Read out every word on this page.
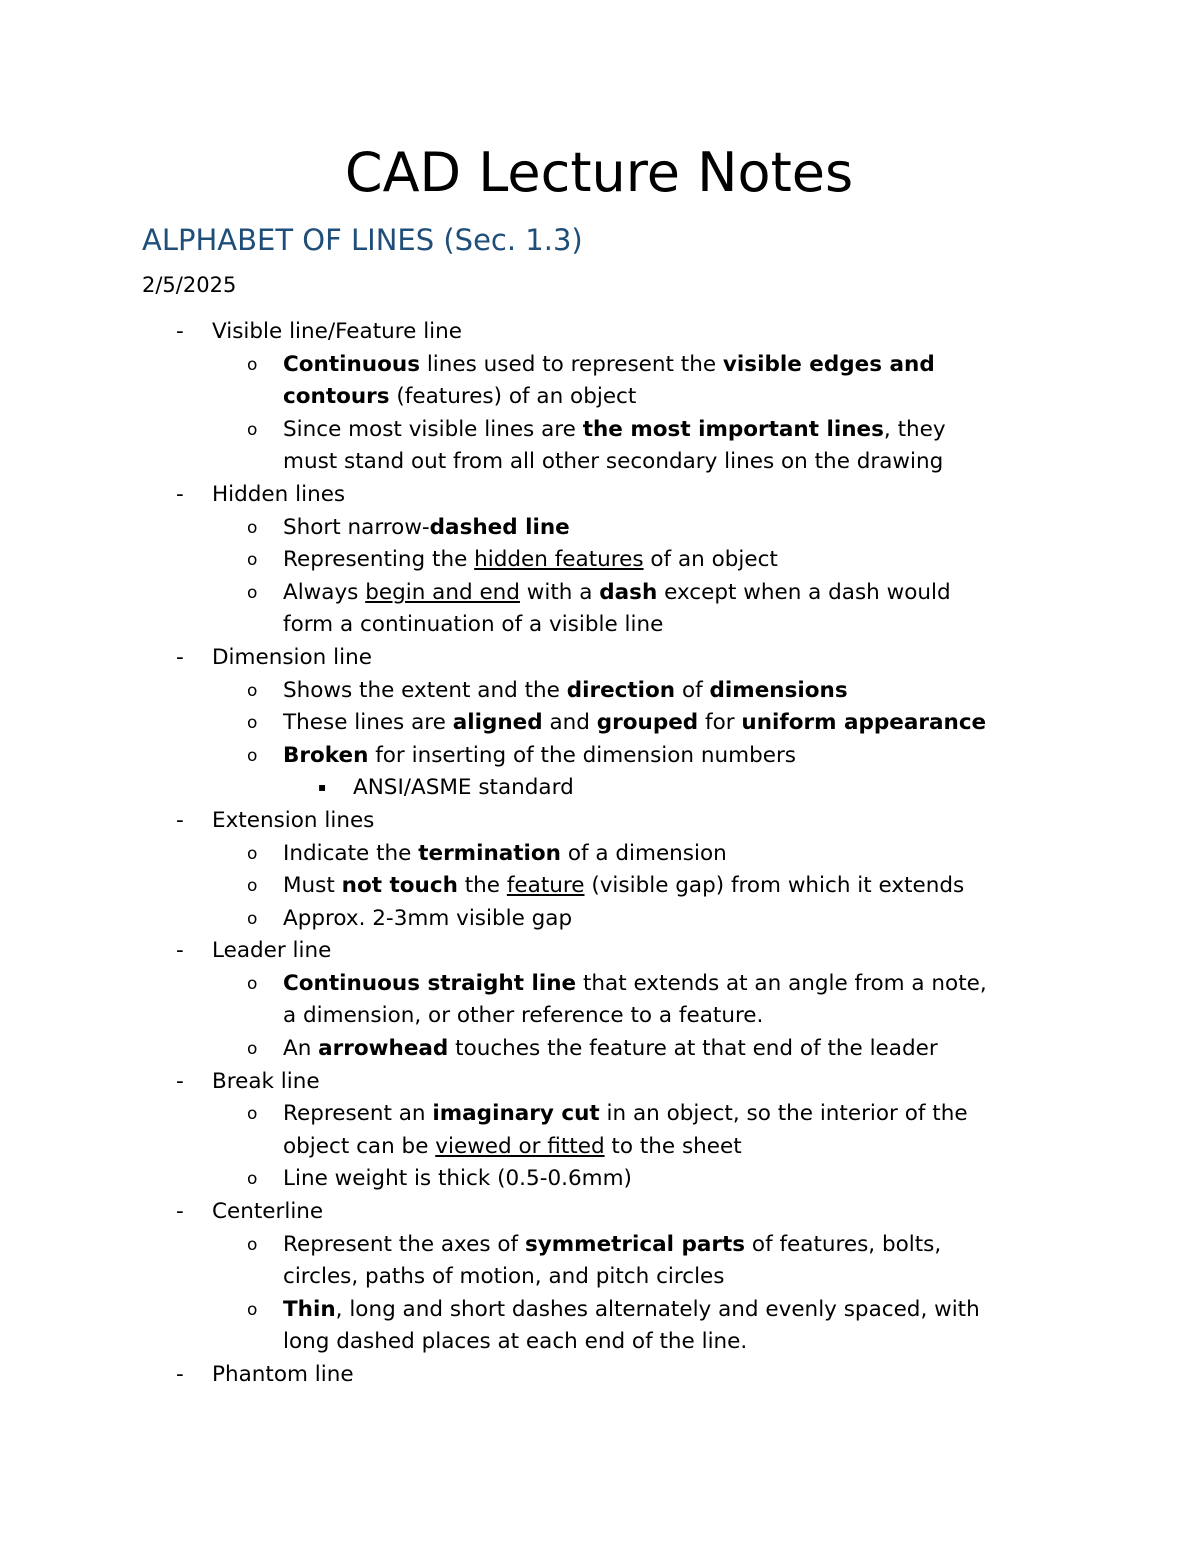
CAD Lecture Notes
ALPHABET OF LINES (Sec. 1.3)

2/5/2025

- Visible line/Feature line
o Continuous lines used to represent the visible edges and
contours (features) of an object
o Since most visible lines are the most important lines, they
must stand out from all other secondary lines on the drawing
- Hidden lines
o Short narrow-dashed line
o Representing the hidden features of an object
o Always begin and end with a dash except when a dash would
form a continuation of a visible line
- Dimension line
o Shows the extent and the direction of dimensions
o These lines are aligned and grouped for uniform appearance
o Broken for inserting of the dimension numbers
▪ ANSI/ASME standard
- Extension lines
o Indicate the termination of a dimension
o Must not touch the feature (visible gap) from which it extends
o Approx. 2-3mm visible gap
- Leader line
o Continuous straight line that extends at an angle from a note,
a dimension, or other reference to a feature.
o An arrowhead touches the feature at that end of the leader
- Break line
o Represent an imaginary cut in an object, so the interior of the
object can be viewed or fitted to the sheet
o Line weight is thick (0.5-0.6mm)
- Centerline
o Represent the axes of symmetrical parts of features, bolts,
circles, paths of motion, and pitch circles
o Thin, long and short dashes alternately and evenly spaced, with
long dashed places at each end of the line.
- Phantom line
